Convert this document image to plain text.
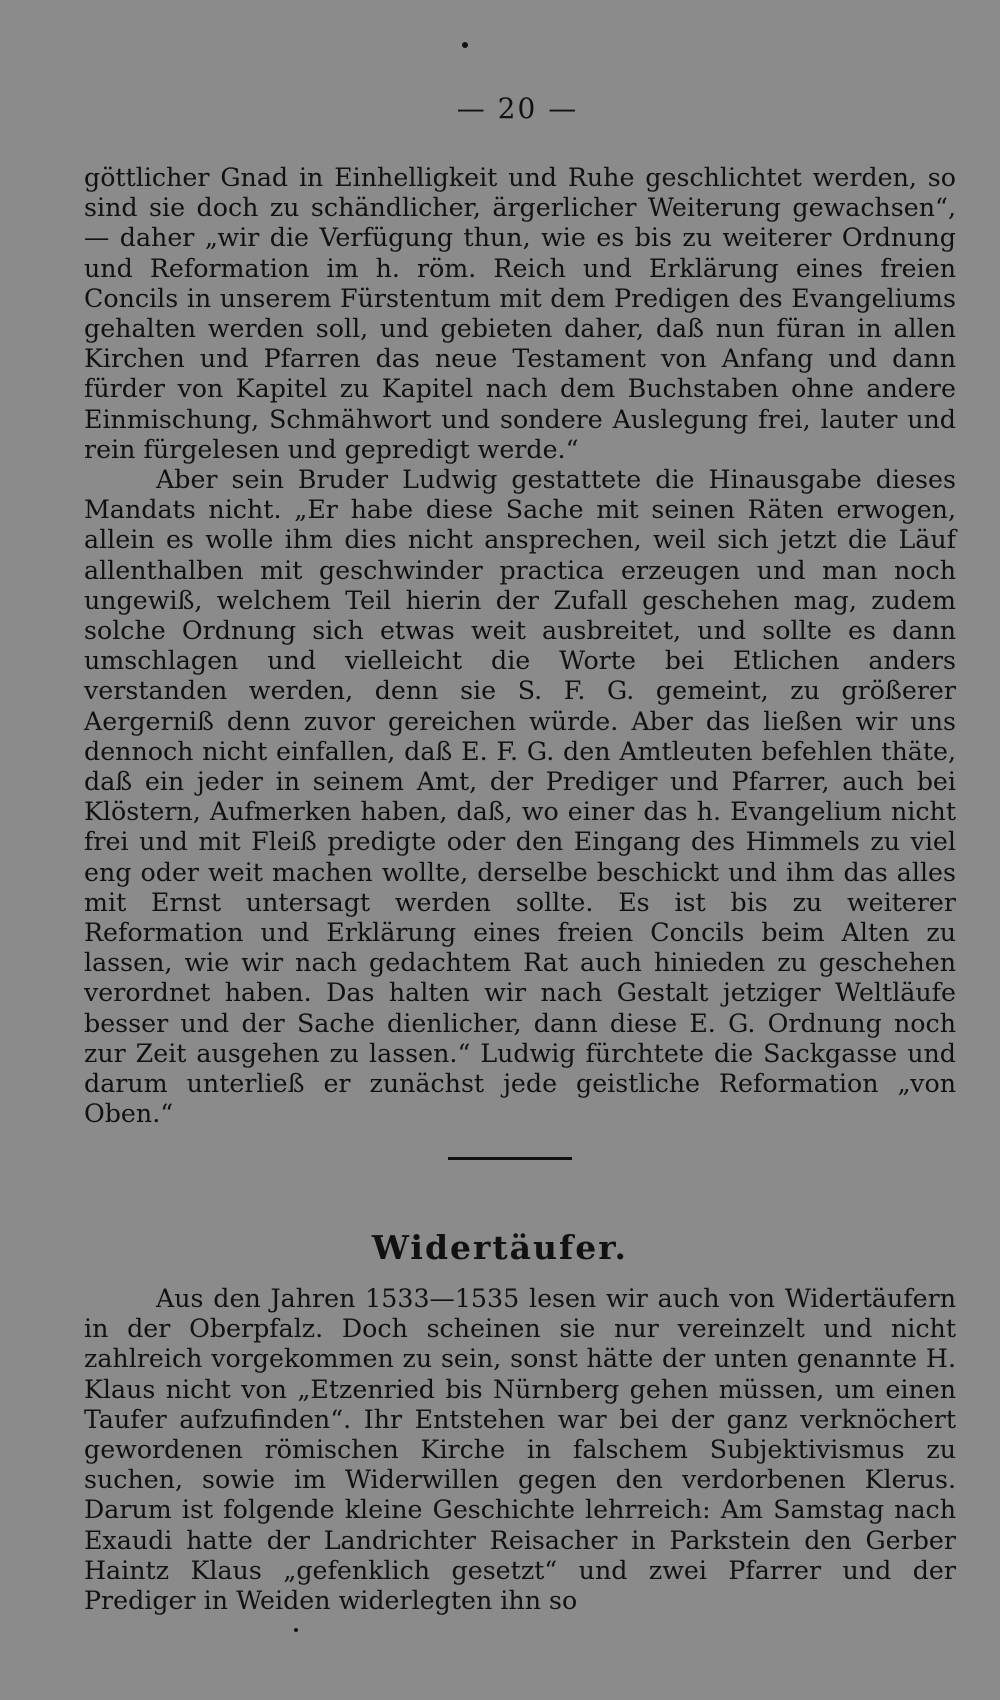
— 20 —

göttlicher Gnad in Einhelligkeit und Ruhe geschlichtet werden, so sind sie doch zu schändlicher, ärgerlicher Weiterung gewachsen“, — daher „wir die Verfügung thun, wie es bis zu weiterer Ordnung und Reformation im h. röm. Reich und Erklärung eines freien Concils in unserem Fürstentum mit dem Predigen des Evangeliums gehalten werden soll, und gebieten daher, daß nun füran in allen Kirchen und Pfarren das neue Testament von Anfang und dann fürder von Kapitel zu Kapitel nach dem Buchstaben ohne andere Einmischung, Schmähwort und sondere Auslegung frei, lauter und rein fürgelesen und gepredigt werde.“

Aber sein Bruder Ludwig gestattete die Hinausgabe dieses Mandats nicht. „Er habe diese Sache mit seinen Räten erwogen, allein es wolle ihm dies nicht ansprechen, weil sich jetzt die Läuf allenthalben mit geschwinder practica erzeugen und man noch ungewiß, welchem Teil hierin der Zufall geschehen mag, zudem solche Ordnung sich etwas weit ausbreitet, und sollte es dann umschlagen und vielleicht die Worte bei Etlichen anders verstanden werden, denn sie S. F. G. gemeint, zu größerer Aergerniß denn zuvor gereichen würde. Aber das ließen wir uns dennoch nicht einfallen, daß E. F. G. den Amtleuten befehlen thäte, daß ein jeder in seinem Amt, der Prediger und Pfarrer, auch bei Klöstern, Aufmerken haben, daß, wo einer das h. Evangelium nicht frei und mit Fleiß predigte oder den Eingang des Himmels zu viel eng oder weit machen wollte, derselbe beschickt und ihm das alles mit Ernst untersagt werden sollte. Es ist bis zu weiterer Reformation und Erklärung eines freien Concils beim Alten zu lassen, wie wir nach gedachtem Rat auch hinieden zu geschehen verordnet haben. Das halten wir nach Gestalt jetziger Weltläufe besser und der Sache dienlicher, dann diese E. G. Ordnung noch zur Zeit ausgehen zu lassen.“ Ludwig fürchtete die Sackgasse und darum unterließ er zunächst jede geistliche Reformation „von Oben.“

Widertäufer.

Aus den Jahren 1533—1535 lesen wir auch von Widertäufern in der Oberpfalz. Doch scheinen sie nur vereinzelt und nicht zahlreich vorgekommen zu sein, sonst hätte der unten genannte H. Klaus nicht von „Etzenried bis Nürnberg gehen müssen, um einen Taufer aufzufinden“. Ihr Entstehen war bei der ganz verknöchert gewordenen römischen Kirche in falschem Subjektivismus zu suchen, sowie im Widerwillen gegen den verdorbenen Klerus. Darum ist folgende kleine Geschichte lehrreich: Am Samstag nach Exaudi hatte der Landrichter Reisacher in Parkstein den Gerber Haintz Klaus „gefenklich gesetzt“ und zwei Pfarrer und der Prediger in Weiden widerlegten ihn so
